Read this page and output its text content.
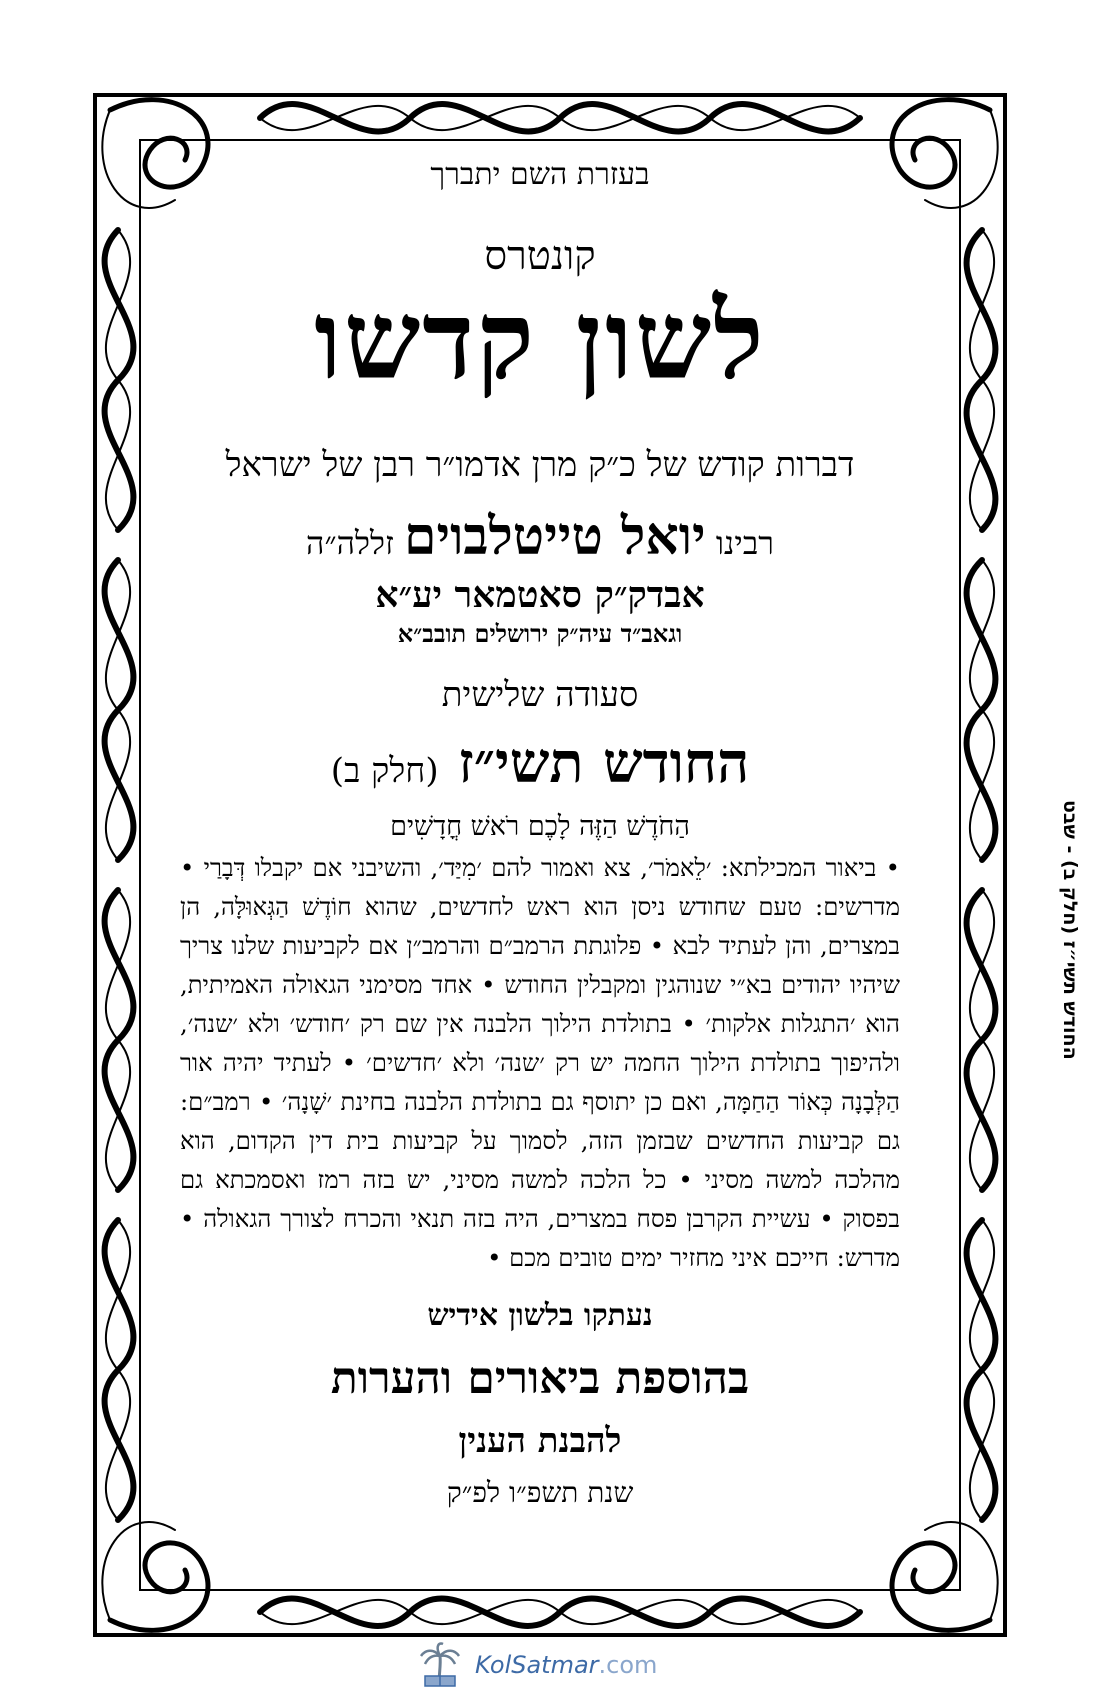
בעזרת השם יתברך

קונטרס

לשון קדשו

דברות קודש של כ״ק מרן אדמו״ר רבן של ישראל

רבינו יואל טייטלבוים זללה״ה

אבדק״ק סאטמאר יע״א

וגאב״ד עיה״ק ירושלים תובב״א

סעודה שלישית

החודש תשי״ז (חלק ב)

הַחֹדֶשׁ הַזֶּה לָכֶם רֹאשׁ חֳדָשִׁים

• ביאור המכילתא: ׳לֵאמֹר׳, צא ואמור להם ׳מִיַּד׳, והשיבני אם יקבלו דְּבָרַי • מדרשים: טעם שחודש ניסן הוא ראש לחדשים, שהוא חוֹדֶשׁ הַגְּאוּלָּה, הן במצרים, והן לעתיד לבא • פלוגתת הרמב״ם והרמב״ן אם לקביעות שלנו צריך שיהיו יהודים בא״י שנוהגין ומקבלין החודש • אחד מסימני הגאולה האמיתית, הוא ׳התגלות אלקות׳ • בתולדת הילוך הלבנה אין שם רק ׳חודש׳ ולא ׳שנה׳, ולהיפוך בתולדת הילוך החמה יש רק ׳שנה׳ ולא ׳חדשים׳ • לעתיד יהיה אור הַלְּבָנָה כְּאוֹר הַחַמָּה, ואם כן יתוסף גם בתולדת הלבנה בחינת ׳שָׁנָה׳ • רמב״ם: גם קביעות החדשים שבזמן הזה, לסמוך על קביעות בית דין הקדום, הוא מהלכה למשה מסיני • כל הלכה למשה מסיני, יש בזה רמז ואסמכתא גם בפסוק • עשיית הקרבן פסח במצרים, היה בזה תנאי והכרח לצורך הגאולה • מדרש: חייכם איני מחזיר ימים טובים מכם •

נעתקו בלשון אידיש

בהוספת ביאורים והערות

להבנת הענין

שנת תשפ״ו לפ״ק

החודש תשי״ז (חלק ב) - שבט
KolSatmar.com
